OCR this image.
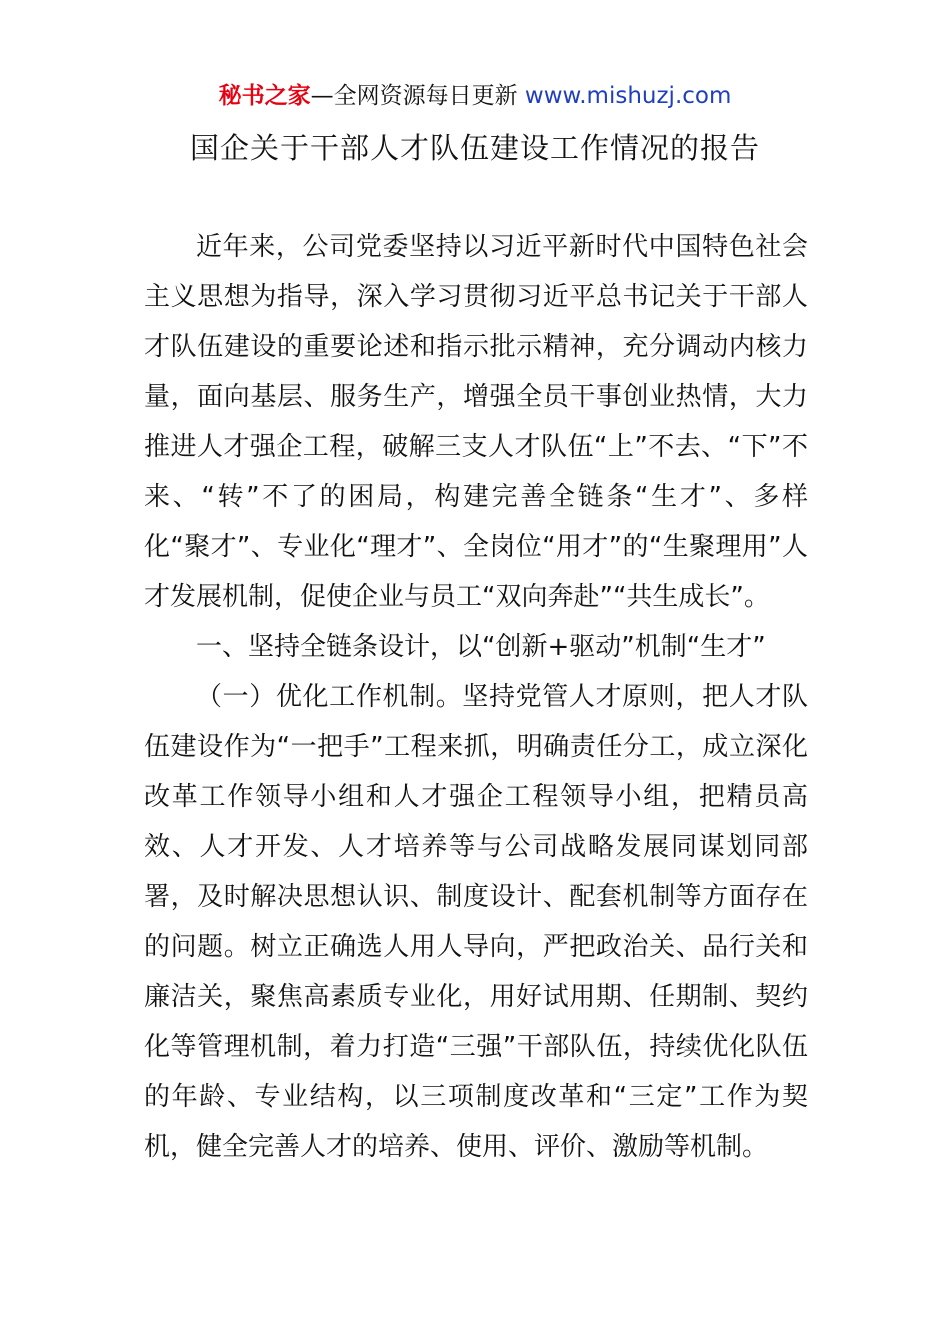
秘书之家—全网资源每日更新 www.mishuzj.com
国企关于干部人才队伍建设工作情况的报告

近年来，公司党委坚持以习近平新时代中国特色社会主义思想为指导，深入学习贯彻习近平总书记关于干部人才队伍建设的重要论述和指示批示精神，充分调动内核力量，面向基层、服务生产，增强全员干事创业热情，大力推进人才强企工程，破解三支人才队伍“上”不去、“下”不来、“转”不了的困局，构建完善全链条“生才”、多样化“聚才”、专业化“理才”、全岗位“用才”的“生聚理用”人才发展机制，促使企业与员工“双向奔赴”“共生成长”。

一、坚持全链条设计，以“创新+驱动”机制“生才”

（一）优化工作机制。坚持党管人才原则，把人才队伍建设作为“一把手”工程来抓，明确责任分工，成立深化改革工作领导小组和人才强企工程领导小组，把精员高效、人才开发、人才培养等与公司战略发展同谋划同部署，及时解决思想认识、制度设计、配套机制等方面存在的问题。树立正确选人用人导向，严把政治关、品行关和廉洁关，聚焦高素质专业化，用好试用期、任期制、契约化等管理机制，着力打造“三强”干部队伍，持续优化队伍的年龄、专业结构，以三项制度改革和“三定”工作为契机，健全完善人才的培养、使用、评价、激励等机制。
